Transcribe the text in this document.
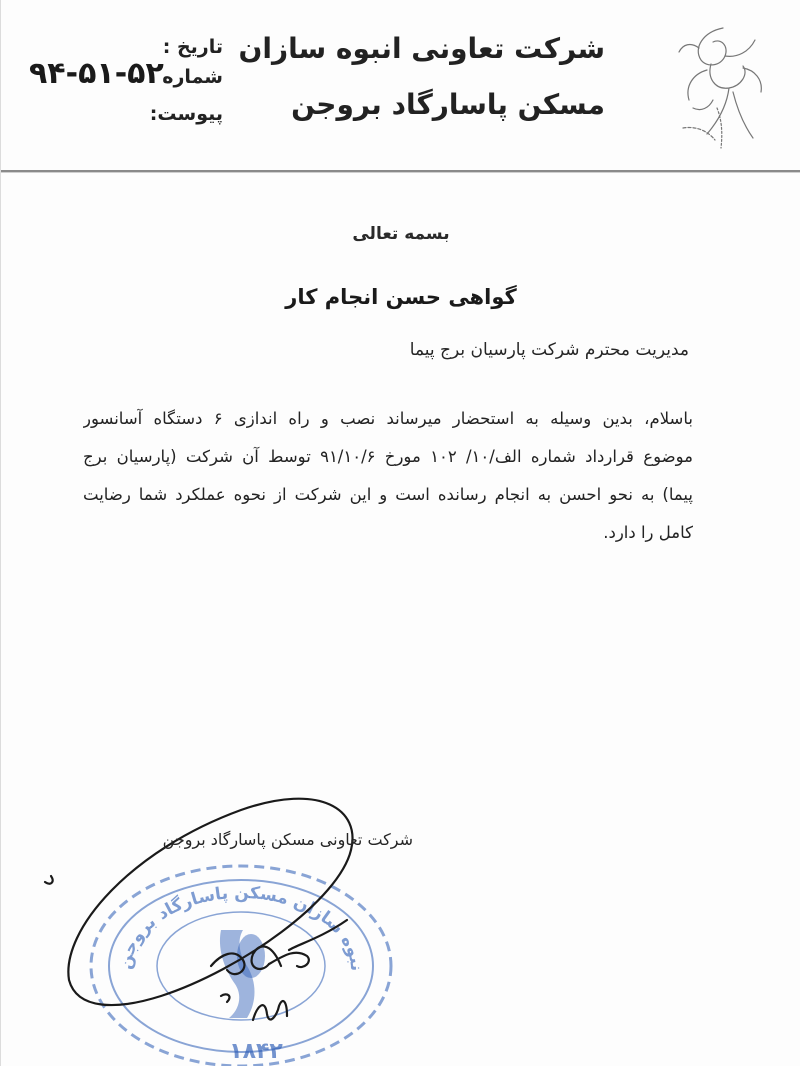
شرکت تعاونی انبوه سازان
مسکن پاسارگاد بروجن
تاریخ :
شماره :
پیوست:
۹۴-۵۱-۵۲
بسمه تعالی
گواهی حسن انجام کار
مدیریت محترم شرکت پارسیان برج پیما
باسلام، بدین وسیله به استحضار میرساند نصب و راه اندازی ۶ دستگاه آسانسور
موضوع قرارداد شماره الف/۱۰/ ۱۰۲ مورخ ۹۱/۱۰/۶ توسط آن شرکت (پارسیان برج
پیما) به نحو احسن به انجام رسانده است و این شرکت از نحوه عملکرد شما رضایت
کامل را دارد.
نبوه سازان مسکن پاسارگاد بروجن
۱۸۴۲
شرکت تعاونی مسکن پاسارگاد بروجن
